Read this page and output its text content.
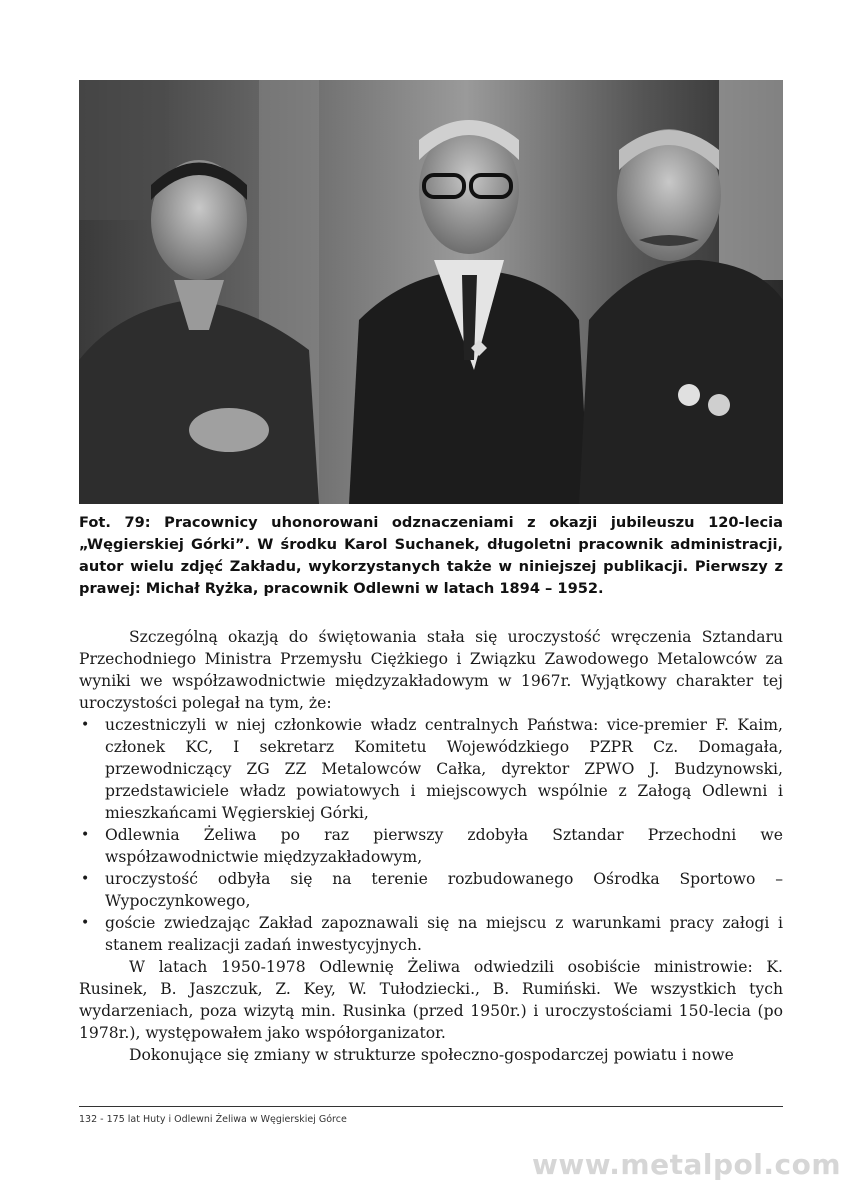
Fot. 79: Pracownicy uhonorowani odznaczeniami z okazji jubileuszu 120-lecia „Węgierskiej Górki”. W środku Karol Suchanek, długoletni pracownik administracji, autor wielu zdjęć Zakładu, wykorzystanych także w niniejszej publikacji. Pierwszy z prawej: Michał Ryżka, pracownik Odlewni w latach 1894 – 1952.

Szczególną okazją do świętowania stała się uroczystość wręczenia Sztandaru Przechodniego Ministra Przemysłu Ciężkiego i Związku Zawodowego Metalowców za wyniki we współzawodnictwie międzyzakładowym w 1967r. Wyjątkowy charakter tej uroczystości polegał na tym, że:

• uczestniczyli w niej członkowie władz centralnych Państwa: vice-premier F. Kaim, członek KC, I sekretarz Komitetu Wojewódzkiego PZPR Cz. Domagała, przewodniczący ZG ZZ Metalowców Całka, dyrektor ZPWO J. Budzynowski, przedstawiciele władz powiatowych i miejscowych wspólnie z Załogą Odlewni i mieszkańcami Węgierskiej Górki,
• Odlewnia Żeliwa po raz pierwszy zdobyła Sztandar Przechodni we współzawodnictwie międzyzakładowym,
• uroczystość odbyła się na terenie rozbudowanego Ośrodka Sportowo –Wypoczynkowego,
• goście zwiedzając Zakład zapoznawali się na miejscu z warunkami pracy załogi i stanem realizacji zadań inwestycyjnych.

W latach 1950-1978 Odlewnię Żeliwa odwiedzili osobiście ministrowie: K. Rusinek, B. Jaszczuk, Z. Key, W. Tułodziecki., B. Rumiński. We wszystkich tych wydarzeniach, poza wizytą min. Rusinka (przed 1950r.) i uroczystościami 150-lecia (po 1978r.), występowałem jako współorganizator.

Dokonujące się zmiany w strukturze społeczno-gospodarczej powiatu i nowe

132 - 175 lat Huty i Odlewni Żeliwa w Węgierskiej Górce
www.metalpol.com
